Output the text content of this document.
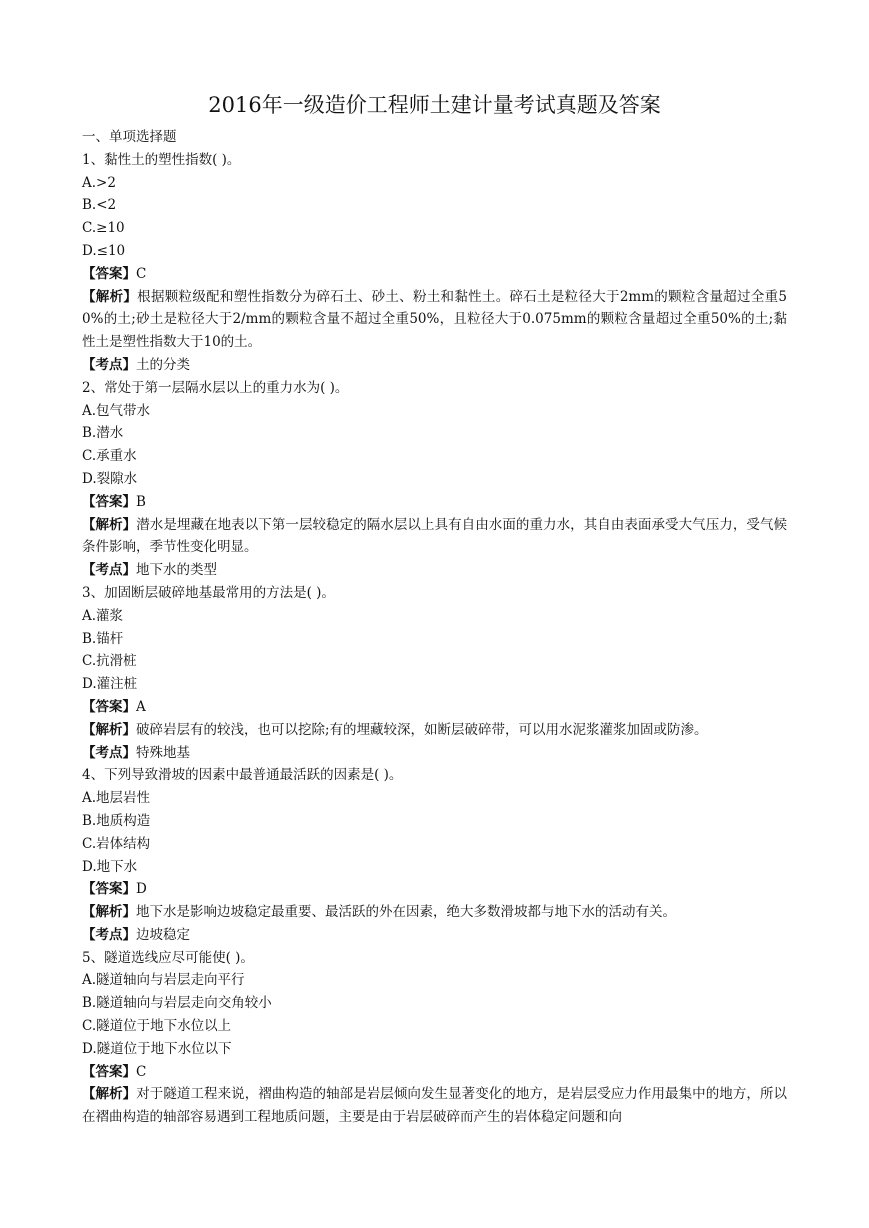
2016年一级造价工程师土建计量考试真题及答案
一、单项选择题
1、黏性土的塑性指数( )。
A.>2
B.<2
C.≥10
D.≤10
【答案】C
【解析】根据颗粒级配和塑性指数分为碎石土、砂土、粉土和黏性土。碎石土是粒径大于2mm的颗粒含量超过全重50%的土;砂土是粒径大于2/mm的颗粒含量不超过全重50%，且粒径大于0.075mm的颗粒含量超过全重50%的土;黏性土是塑性指数大于10的土。
【考点】土的分类
2、常处于第一层隔水层以上的重力水为( )。
A.包气带水
B.潜水
C.承重水
D.裂隙水
【答案】B
【解析】潜水是埋藏在地表以下第一层较稳定的隔水层以上具有自由水面的重力水，其自由表面承受大气压力，受气候条件影响，季节性变化明显。
【考点】地下水的类型
3、加固断层破碎地基最常用的方法是( )。
A.灌浆
B.锚杆
C.抗滑桩
D.灌注桩
【答案】A
【解析】破碎岩层有的较浅，也可以挖除;有的埋藏较深，如断层破碎带，可以用水泥浆灌浆加固或防渗。
【考点】特殊地基
4、下列导致滑坡的因素中最普通最活跃的因素是( )。
A.地层岩性
B.地质构造
C.岩体结构
D.地下水
【答案】D
【解析】地下水是影响边坡稳定最重要、最活跃的外在因素，绝大多数滑坡都与地下水的活动有关。
【考点】边坡稳定
5、隧道选线应尽可能使( )。
A.隧道轴向与岩层走向平行
B.隧道轴向与岩层走向交角较小
C.隧道位于地下水位以上
D.隧道位于地下水位以下
【答案】C
【解析】对于隧道工程来说，褶曲构造的轴部是岩层倾向发生显著变化的地方，是岩层受应力作用最集中的地方，所以在褶曲构造的轴部容易遇到工程地质问题，主要是由于岩层破碎而产生的岩体稳定问题和向
